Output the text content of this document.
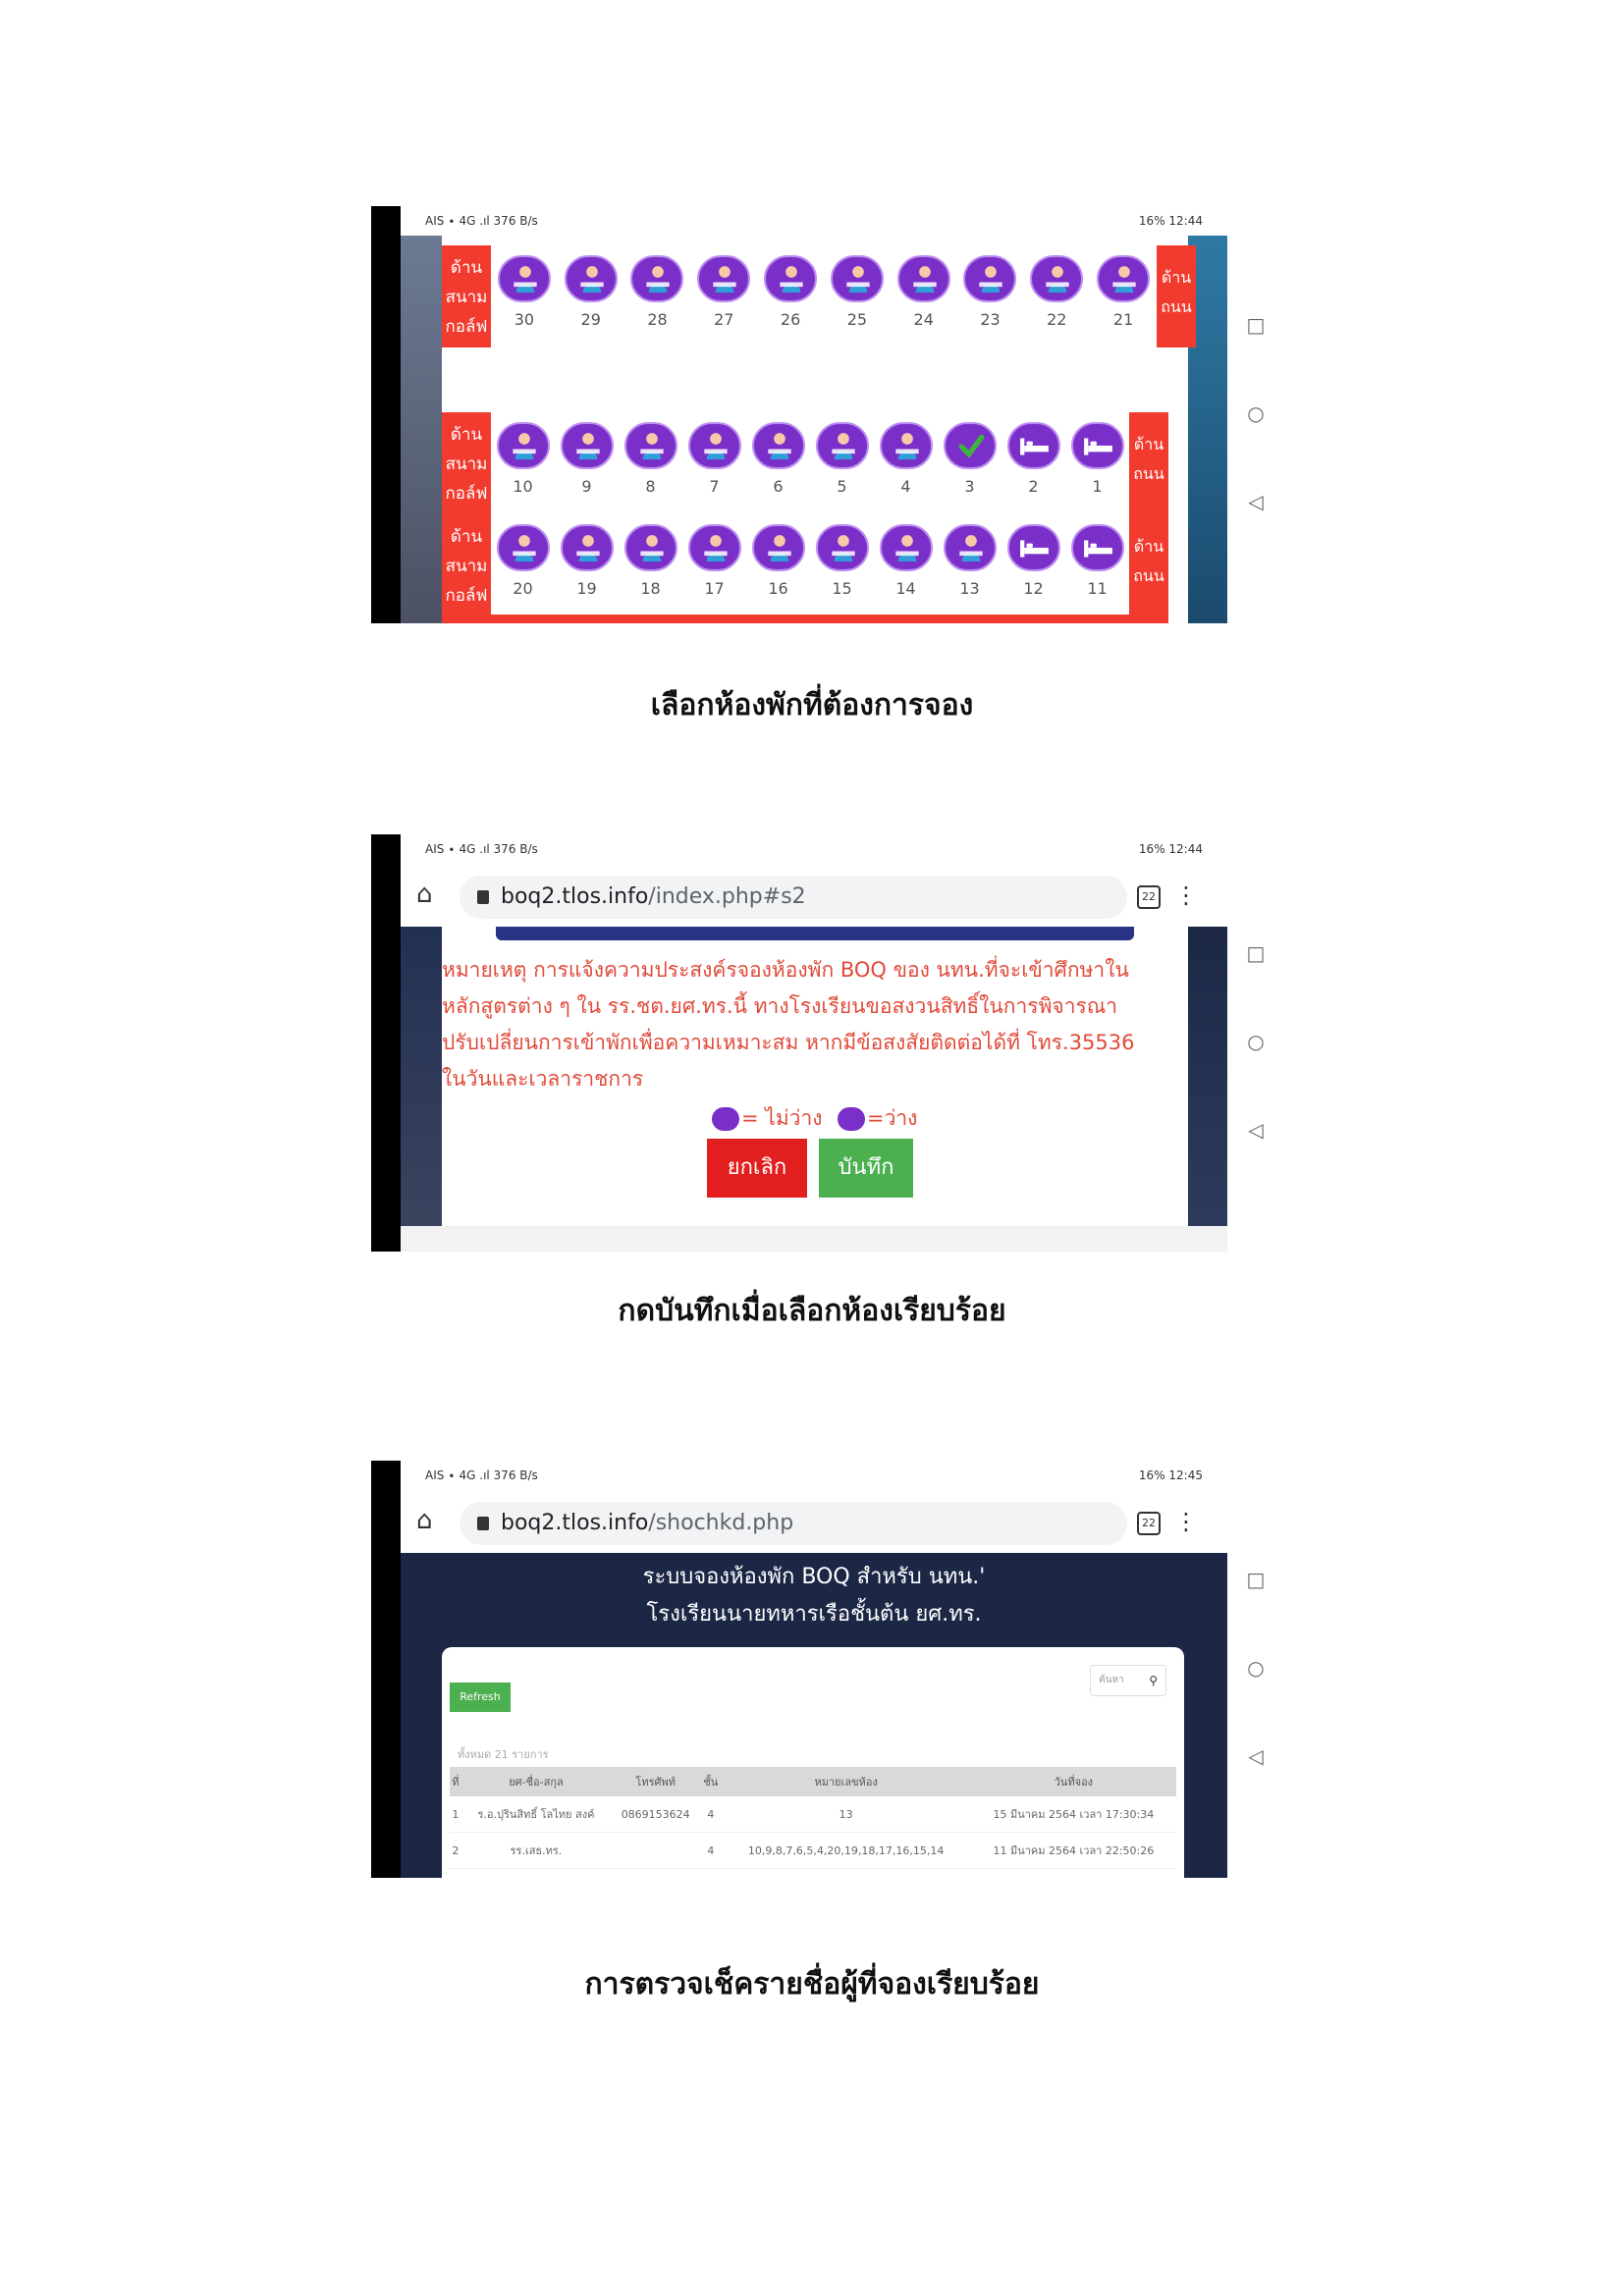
AIS ∙ 4G .ıl 376 B/s	16% 12:44
ด้าน
สนาม
กอล์ฟ	30	29	28	27	26	25	24	23	22	21
ด้าน
ถนน
ด้าน
สนาม
กอล์ฟ
ด้าน
สนาม
กอล์ฟ
10	9	8	7	6	5	4	3	2	1
20	19	18	17	16	15	14	13	12	11
ด้าน
ถนน
ด้าน
ถนน
□
○
◁
เลือกห้องพักที่ต้องการจอง
AIS ∙ 4G .ıl 376 B/s	16% 12:44
⌂	boq2.tlos.info/index.php#s2	22 ⋮
หมายเหตุ การแจ้งความประสงค์รจองห้องพัก BOQ ของ นทน.ที่จะเข้าศึกษาใน
หลักสูตรต่าง ๆ ใน รร.ชต.ยศ.ทร.นี้ ทางโรงเรียนขอสงวนสิทธิ์ในการพิจารณา
ปรับเปลี่ยนการเข้าพักเพื่อความเหมาะสม หากมีข้อสงสัยติดต่อได้ที่ โทร.35536
ในวันและเวลาราชการ
= ไม่ว่าง =ว่าง
ยกเลิก	บันทึก
□
○
◁
กดบันทึกเมื่อเลือกห้องเรียบร้อย
AIS ∙ 4G .ıl 376 B/s	16% 12:45
⌂	boq2.tlos.info/shochkd.php	22 ⋮
ระบบจองห้องพัก BOQ สำหรับ นทน.'
โรงเรียนนายทหารเรือชั้นต้น ยศ.ทร.
Refresh
ค้นหา ⚲
ทั้งหมด 21 รายการ
ที่	ยศ-ชื่อ-สกุล	โทรศัพท์	ชั้น	หมายเลขห้อง	วันที่จอง
1	ร.อ.ปุรินสิทธิ์ โลไทย สงค์	0869153624	4	13	15 มีนาคม 2564 เวลา 17:30:34
2	รร.เสธ.ทร.		4	10,9,8,7,6,5,4,20,19,18,17,16,15,14	11 มีนาคม 2564 เวลา 22:50:26
□
○
◁
การตรวจเช็ครายชื่อผู้ที่จองเรียบร้อย
